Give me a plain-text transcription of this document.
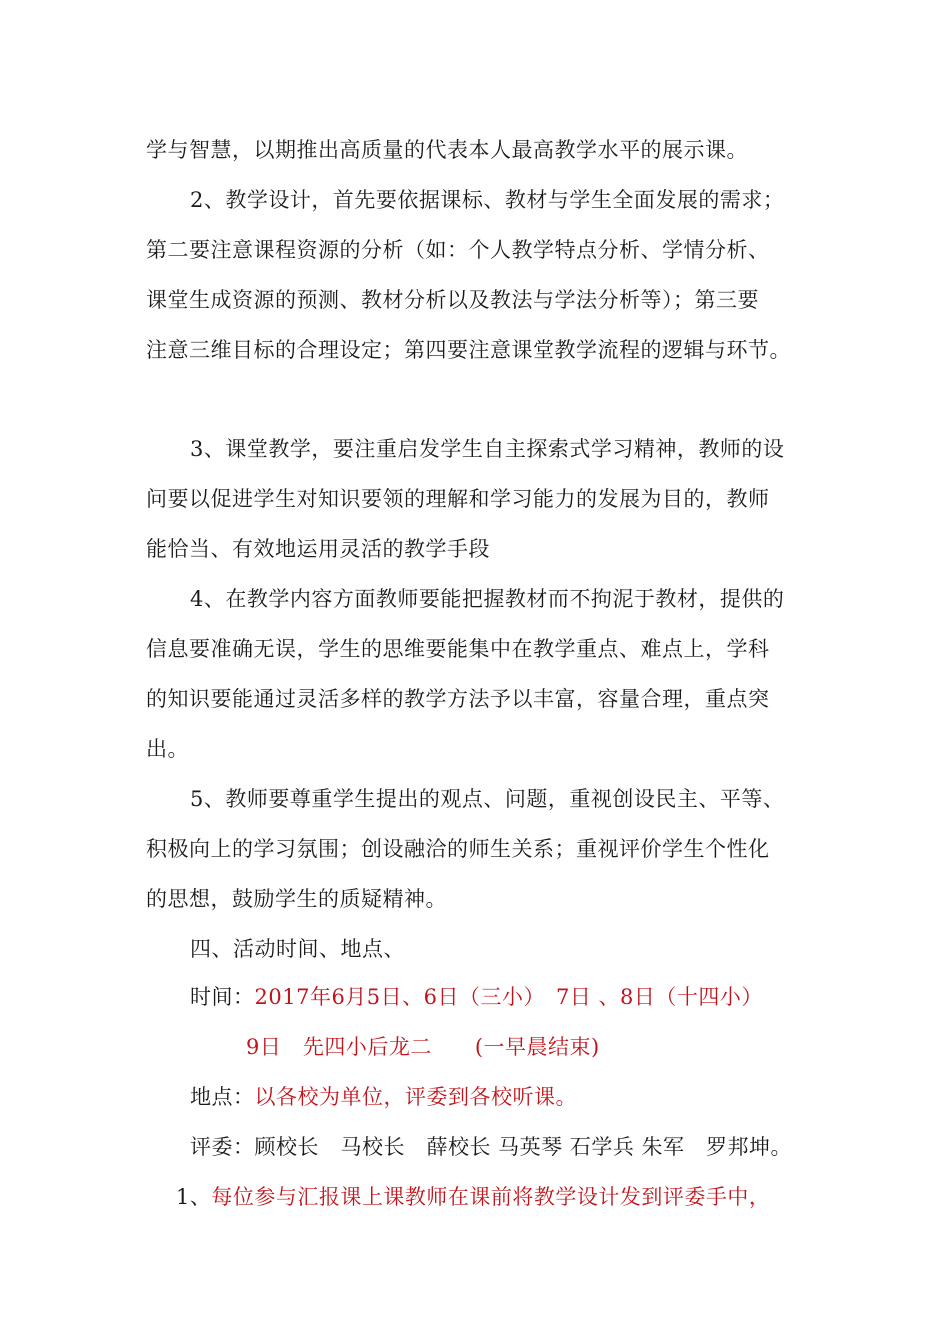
学与智慧，以期推出高质量的代表本人最高教学水平的展示课。
2、教学设计，首先要依据课标、教材与学生全面发展的需求；
第二要注意课程资源的分析（如：个人教学特点分析、学情分析、
课堂生成资源的预测、教材分析以及教法与学法分析等）；第三要
注意三维目标的合理设定；第四要注意课堂教学流程的逻辑与环节。
3、课堂教学，要注重启发学生自主探索式学习精神，教师的设
问要以促进学生对知识要领的理解和学习能力的发展为目的，教师
能恰当、有效地运用灵活的教学手段
4、在教学内容方面教师要能把握教材而不拘泥于教材，提供的
信息要准确无误，学生的思维要能集中在教学重点、难点上，学科
的知识要能通过灵活多样的教学方法予以丰富，容量合理，重点突
出。
5、教师要尊重学生提出的观点、问题，重视创设民主、平等、
积极向上的学习氛围；创设融洽的师生关系；重视评价学生个性化
的思想，鼓励学生的质疑精神。
四、活动时间、地点、
时间：2017年6月5日、6日（三小）　7日 、8日（十四小）
9日　先四小后龙二　　(一早晨结束)
地点：以各校为单位，评委到各校听课。
评委：顾校长　马校长　薛校长 马英琴 石学兵 朱军　罗邦坤。
1、每位参与汇报课上课教师在课前将教学设计发到评委手中，
